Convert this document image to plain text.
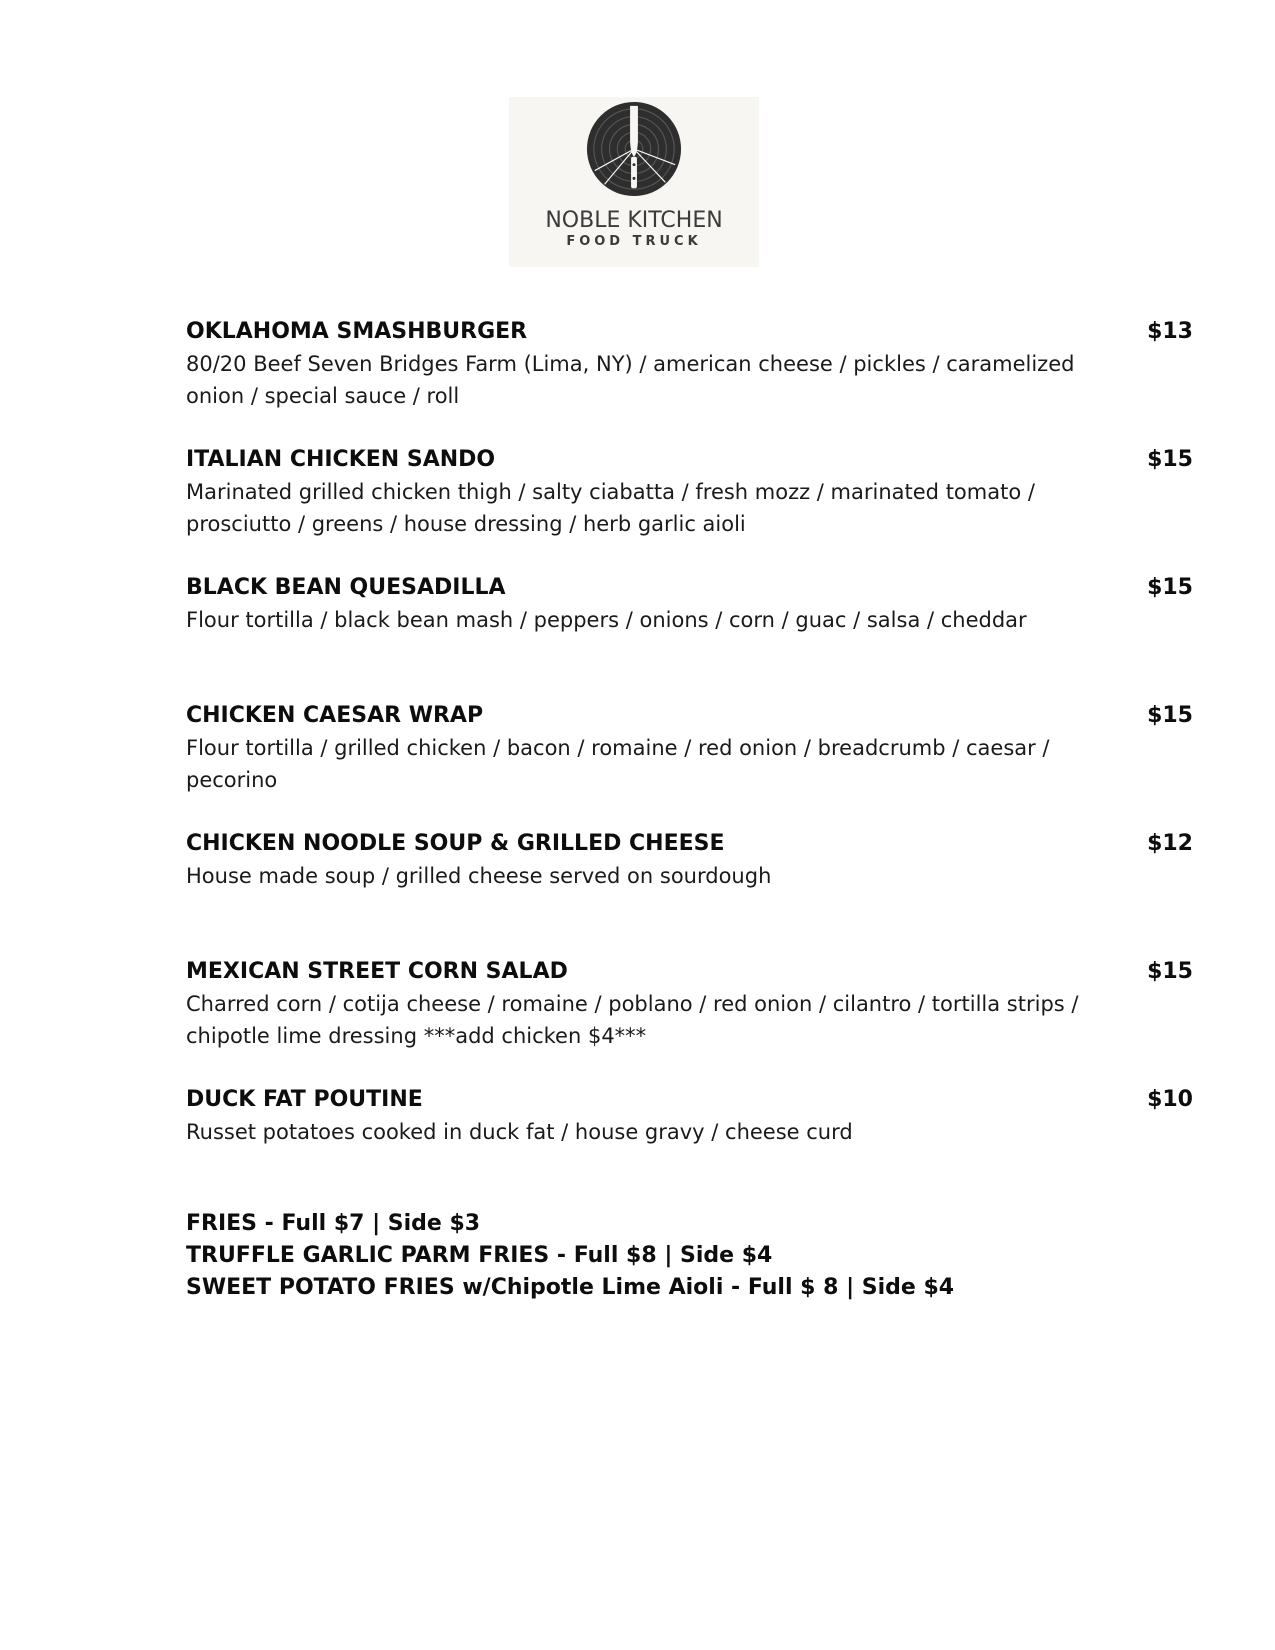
NOBLE KITCHEN
FOOD TRUCK
OKLAHOMA SMASHBURGER	$13
80/20 Beef Seven Bridges Farm (Lima, NY) / american cheese / pickles / caramelized onion / special sauce / roll
ITALIAN CHICKEN SANDO	$15
Marinated grilled chicken thigh / salty ciabatta / fresh mozz / marinated tomato / prosciutto / greens / house dressing / herb garlic aioli
BLACK BEAN QUESADILLA	$15
Flour tortilla / black bean mash / peppers / onions / corn / guac / salsa / cheddar
CHICKEN CAESAR WRAP	$15
Flour tortilla / grilled chicken / bacon / romaine / red onion / breadcrumb / caesar / pecorino
CHICKEN NOODLE SOUP & GRILLED CHEESE	$12
House made soup / grilled cheese served on sourdough
MEXICAN STREET CORN SALAD	$15
Charred corn / cotija cheese / romaine / poblano / red onion / cilantro / tortilla strips / chipotle lime dressing ***add chicken $4***
DUCK FAT POUTINE	$10
Russet potatoes cooked in duck fat / house gravy / cheese curd
FRIES - Full $7 | Side $3
TRUFFLE GARLIC PARM FRIES - Full $8 | Side $4
SWEET POTATO FRIES w/Chipotle Lime Aioli - Full $ 8 | Side $4
